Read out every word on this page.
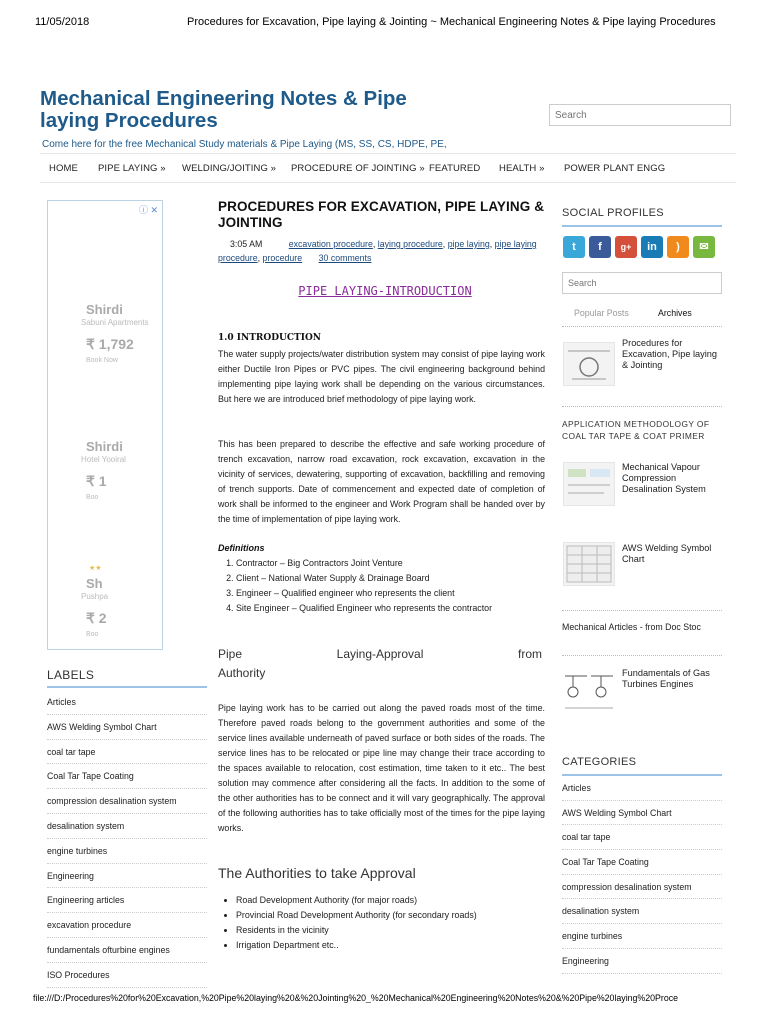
11/05/2018	Procedures for Excavation, Pipe laying & Jointing ~ Mechanical Engineering Notes & Pipe laying Procedures
Mechanical Engineering Notes & Pipe laying Procedures
Come here for the free Mechanical Study materials & Pipe Laying (MS, SS, CS, HDPE, PE,
Search
HOME PIPE LAYING » WELDING/JOITING » PROCEDURE OF JOINTING » FEATURED HEALTH » POWER PLANT ENGG
ⓘ ✕
Shirdi
Sabuni Apartments
₹ 1,792
Book Now
Shirdi
Hotel Yooiral
₹ 1
Boo
★★
Sh
Pushpa
₹ 2
Boo
LABELS
Articles
AWS Welding Symbol Chart
coal tar tape
Coal Tar Tape Coating
compression desalination system
desalination system
engine turbines
Engineering
Engineering articles
excavation procedure
fundamentals ofturbine engines
ISO Procedures
PROCEDURES FOR EXCAVATION, PIPE LAYING & JOINTING
3:05 AM	excavation procedure, laying procedure, pipe laying, pipe laying procedure, procedure 30 comments
PIPE LAYING-INTRODUCTION
1.0 INTRODUCTION
The water supply projects/water distribution system may consist of pipe laying work either Ductile Iron Pipes or PVC pipes. The civil engineering background behind implementing pipe laying work shall be depending on the various circumstances. But here we are introduced brief methodology of pipe laying work.
This has been prepared to describe the effective and safe working procedure of trench excavation, narrow road excavation, rock excavation, excavation in the vicinity of services, dewatering, supporting of excavation, backfilling and removing of trench supports. Date of commencement and expected date of completion of work shall be informed to the engineer and Work Program shall be handed over by the time of implementation of pipe laying work.
Definitions
1. Contractor – Big Contractors Joint Venture
2. Client – National Water Supply & Drainage Board
3. Engineer – Qualified engineer who represents the client
4. Site Engineer – Qualified Engineer who represents the contractor
Pipe	Laying-Approval	from
Authority
Pipe laying work has to be carried out along the paved roads most of the time. Therefore paved roads belong to the government authorities and some of the service lines available underneath of paved surface or both sides of the roads. The service lines has to be relocated or pipe line may change their trace according to the spaces available to relocation, cost estimation, time taken to it etc.. The best solution may commence after considering all the facts. In addition to the some of the other authorities has to be connect and it will vary geographically. The approval of the following authorities has to take officially most of the times for the pipe laying works.
The Authorities to take Approval
• Road Development Authority (for major roads)
• Provincial Road Development Authority (for secondary roads)
• Residents in the vicinity
• Irrigation Department etc..
SOCIAL PROFILES
t	f	g+	in	)	✉
Search
Popular Posts	Archives
Procedures for Excavation, Pipe laying & Jointing
APPLICATION METHODOLOGY OF COAL TAR TAPE & COAT PRIMER
Mechanical Vapour Compression Desalination System
AWS Welding Symbol Chart
Mechanical Articles - from Doc Stoc
Fundamentals of Gas Turbines Engines
CATEGORIES
Articles
AWS Welding Symbol Chart
coal tar tape
Coal Tar Tape Coating
compression desalination system
desalination system
engine turbines
Engineering
file:///D:/Procedures%20for%20Excavation,%20Pipe%20laying%20&%20Jointing%20_%20Mechanical%20Engineering%20Notes%20&%20Pipe%20laying%20Proce
